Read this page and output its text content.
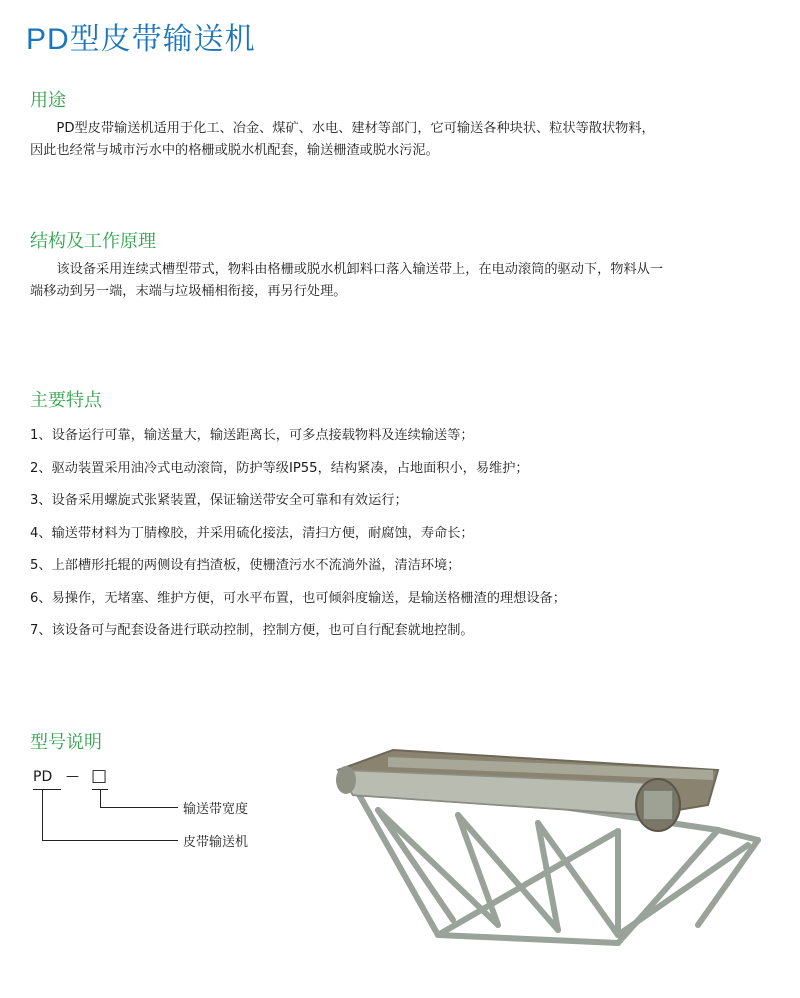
PD型皮带输送机
用途

PD型皮带输送机适用于化工、冶金、煤矿、水电、建材等部门，它可输送各种块状、粒状等散状物料，

因此也经常与城市污水中的格栅或脱水机配套，输送栅渣或脱水污泥。

结构及工作原理

该设备采用连续式槽型带式，物料由格栅或脱水机卸料口落入输送带上，在电动滚筒的驱动下，物料从一

端移动到另一端，末端与垃圾桶相衔接，再另行处理。

主要特点
1、设备运行可靠，输送量大，输送距离长，可多点接载物料及连续输送等；
2、驱动装置采用油冷式电动滚筒，防护等级IP55，结构紧凑，占地面积小，易维护；
3、设备采用螺旋式张紧装置，保证输送带安全可靠和有效运行；
4、输送带材料为丁腈橡胶，并采用硫化接法，清扫方便，耐腐蚀，寿命长；
5、上部槽形托辊的两侧设有挡渣板，使栅渣污水不流淌外溢，清洁环境；
6、易操作，无堵塞、维护方便，可水平布置，也可倾斜度输送，是输送格栅渣的理想设备；
7、该设备可与配套设备进行联动控制，控制方便，也可自行配套就地控制。
型号说明
PD — □
输送带宽度
皮带输送机
